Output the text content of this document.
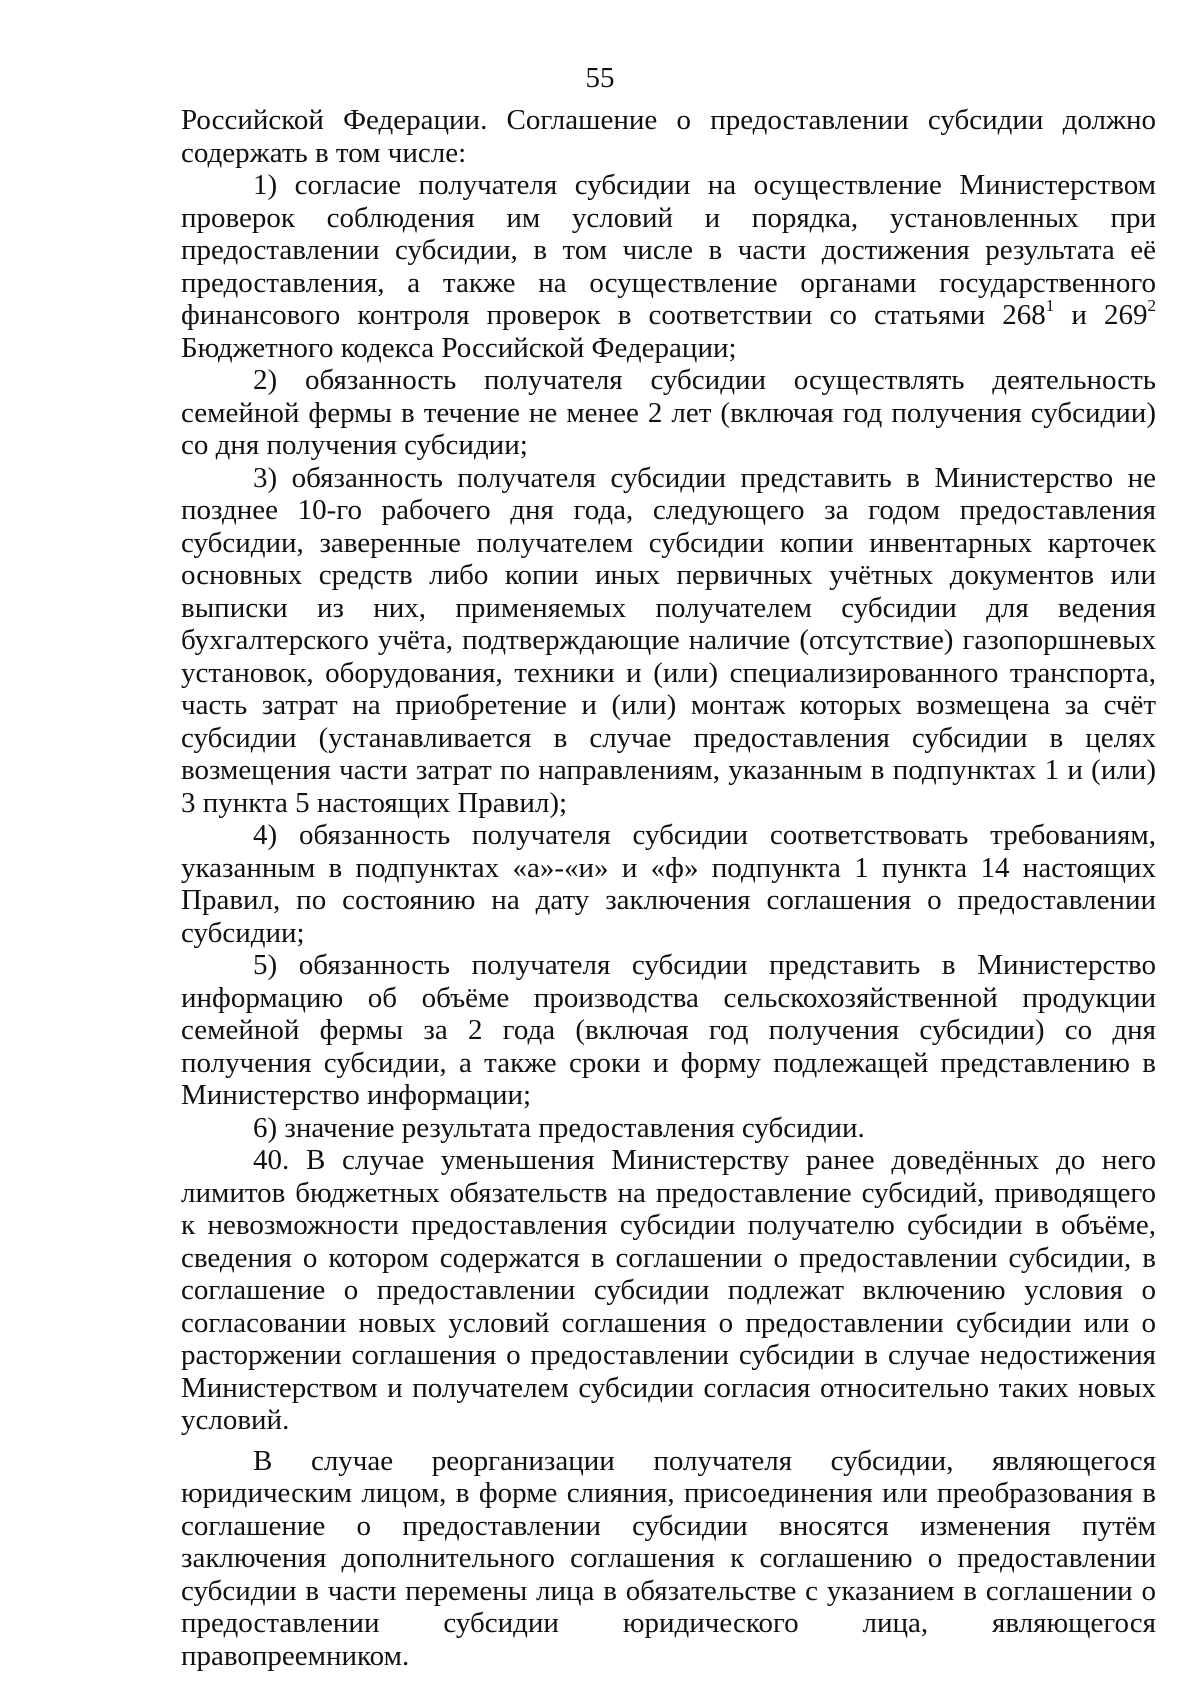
55

Российской Федерации. Соглашение о предоставлении субсидии должно содержать в том числе:

1) согласие получателя субсидии на осуществление Министерством проверок соблюдения им условий и порядка, установленных при предоставлении субсидии, в том числе в части достижения результата её предоставления, а также на осуществление органами государственного финансового контроля проверок в соответствии со статьями $268^1$ и $269^2$ Бюджетного кодекса Российской Федерации;

2) обязанность получателя субсидии осуществлять деятельность семейной фермы в течение не менее 2 лет (включая год получения субсидии) со дня получения субсидии;

3) обязанность получателя субсидии представить в Министерство не позднее 10-го рабочего дня года, следующего за годом предоставления субсидии, заверенные получателем субсидии копии инвентарных карточек основных средств либо копии иных первичных учётных документов или выписки из них, применяемых получателем субсидии для ведения бухгалтерского учёта, подтверждающие наличие (отсутствие) газопоршневых установок, оборудования, техники и (или) специализированного транспорта, часть затрат на приобретение и (или) монтаж которых возмещена за счёт субсидии (устанавливается в случае предоставления субсидии в целях возмещения части затрат по направлениям, указанным в подпунктах 1 и (или) 3 пункта 5 настоящих Правил);

4) обязанность получателя субсидии соответствовать требованиям, указанным в подпунктах «а»-«и» и «ф» подпункта 1 пункта 14 настоящих Правил, по состоянию на дату заключения соглашения о предоставлении субсидии;

5) обязанность получателя субсидии представить в Министерство информацию об объёме производства сельскохозяйственной продукции семейной фермы за 2 года (включая год получения субсидии) со дня получения субсидии, а также сроки и форму подлежащей представлению в Министерство информации;

6) значение результата предоставления субсидии.

40. В случае уменьшения Министерству ранее доведённых до него лимитов бюджетных обязательств на предоставление субсидий, приводящего к невозможности предоставления субсидии получателю субсидии в объёме, сведения о котором содержатся в соглашении о предоставлении субсидии, в соглашение о предоставлении субсидии подлежат включению условия о согласовании новых условий соглашения о предоставлении субсидии или о расторжении соглашения о предоставлении субсидии в случае недостижения Министерством и получателем субсидии согласия относительно таких новых условий.

В случае реорганизации получателя субсидии, являющегося юридическим лицом, в форме слияния, присоединения или преобразования в соглашение о предоставлении субсидии вносятся изменения путём заключения дополнительного соглашения к соглашению о предоставлении субсидии в части перемены лица в обязательстве с указанием в соглашении о предоставлении субсидии юридического лица, являющегося правопреемником.
